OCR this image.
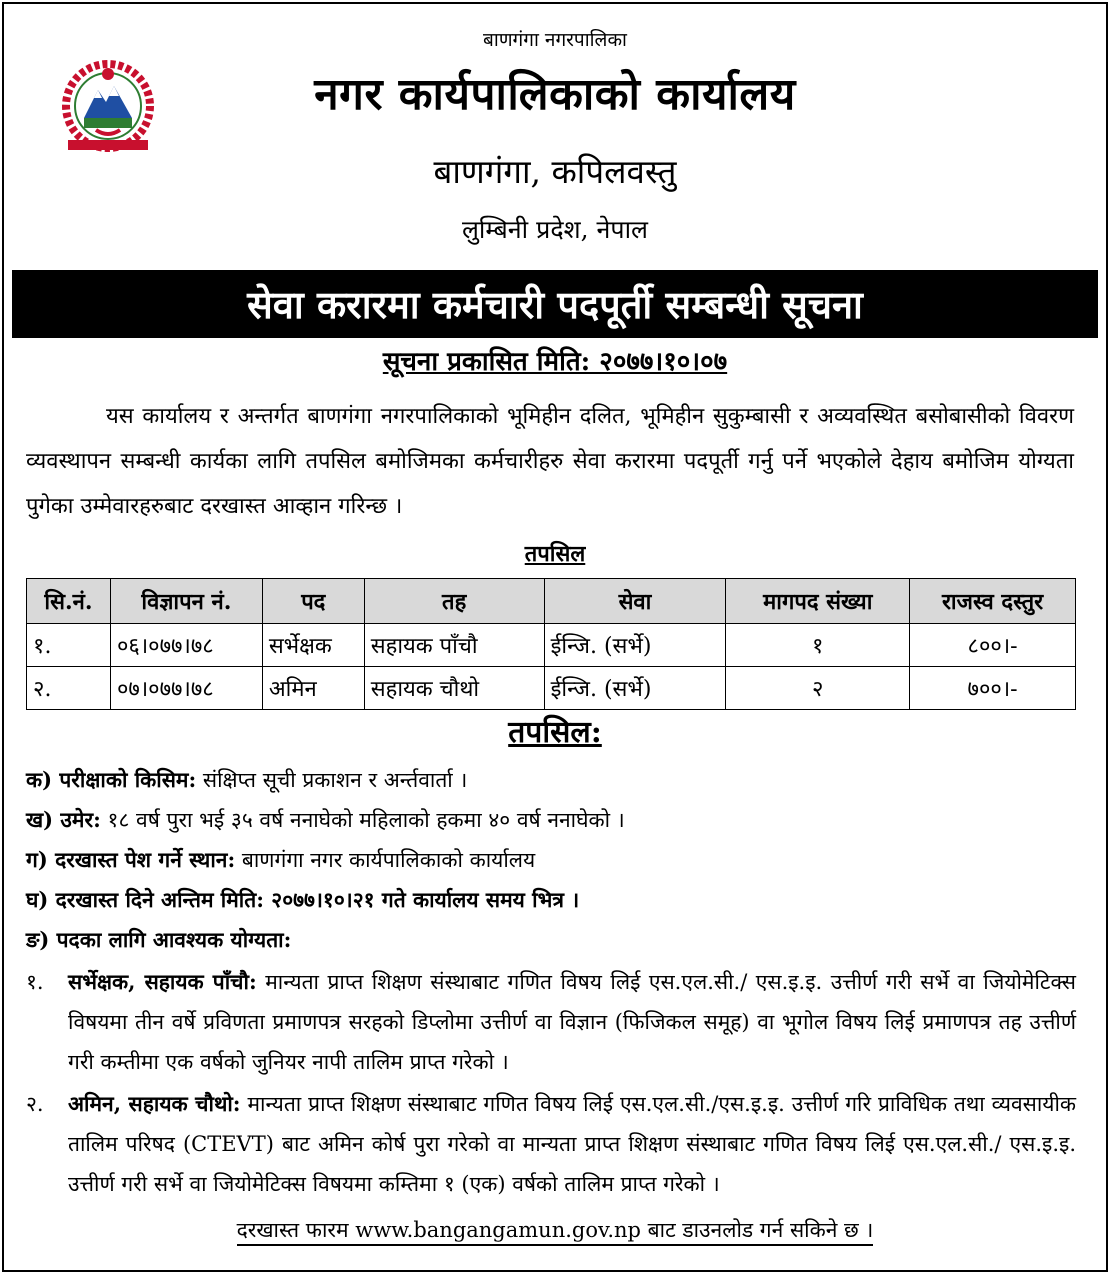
बाणगंगा नगरपालिका
नगर कार्यपालिकाको कार्यालय
बाणगंगा, कपिलवस्तु
लुम्बिनी प्रदेश, नेपाल
सेवा करारमा कर्मचारी पदपूर्ती सम्बन्धी सूचना
सूचना प्रकासित मिति: २०७७।१०।०७

यस कार्यालय र अन्तर्गत बाणगंगा नगरपालिकाको भूमिहीन दलित, भूमिहीन सुकुम्बासी र अव्यवस्थित बसोबासीको विवरण व्यवस्थापन सम्बन्धी कार्यका लागि तपसिल बमोजिमका कर्मचारीहरु सेवा करारमा पदपूर्ती गर्नु पर्ने भएकोले देहाय बमोजिम योग्यता पुगेका उम्मेवारहरुबाट दरखास्त आव्हान गरिन्छ ।

तपसिल
सि.नं.	विज्ञापन नं.	पद	तह	सेवा	मागपद संख्या	राजस्व दस्तुर
१.	०६।०७७।७८	सर्भेक्षक	सहायक पाँचौ	ईन्जि. (सर्भे)	१	८००।-
२.	०७।०७७।७८	अमिन	सहायक चौथो	ईन्जि. (सर्भे)	२	७००।-
तपसिल:
क) परीक्षाको किसिम: संक्षिप्त सूची प्रकाशन र अर्न्तवार्ता ।
ख) उमेर: १८ वर्ष पुरा भई ३५ वर्ष ननाघेको महिलाको हकमा ४० वर्ष ननाघेको ।
ग) दरखास्त पेश गर्ने स्थान: बाणगंगा नगर कार्यपालिकाको कार्यालय
घ) दरखास्त दिने अन्तिम मिति: २०७७।१०।२१ गते कार्यालय समय भित्र ।
ङ) पदका लागि आवश्यक योग्यता:
१.	सर्भेक्षक, सहायक पाँचौ: मान्यता प्राप्त शिक्षण संस्थाबाट गणित विषय लिई एस.एल.सी./ एस.इ.इ. उत्तीर्ण गरी सर्भे वा जियोमेटिक्स विषयमा तीन वर्षे प्रविणता प्रमाणपत्र सरहको डिप्लोमा उत्तीर्ण वा विज्ञान (फिजिकल समूह) वा भूगोल विषय लिई प्रमाणपत्र तह उत्तीर्ण गरी कम्तीमा एक वर्षको जुनियर नापी तालिम प्राप्त गरेको ।
२.	अमिन, सहायक चौथो: मान्यता प्राप्त शिक्षण संस्थाबाट गणित विषय लिई एस.एल.सी./एस.इ.इ. उत्तीर्ण गरि प्राविधिक तथा व्यवसायीक तालिम परिषद (CTEVT) बाट अमिन कोर्ष पुरा गरेको वा मान्यता प्राप्त शिक्षण संस्थाबाट गणित विषय लिई एस.एल.सी./ एस.इ.इ. उत्तीर्ण गरी सर्भे वा जियोमेटिक्स विषयमा कम्तिमा १ (एक) वर्षको तालिम प्राप्त गरेको ।
दरखास्त फारम www.bangangamun.gov.np बाट डाउनलोड गर्न सकिने छ ।
